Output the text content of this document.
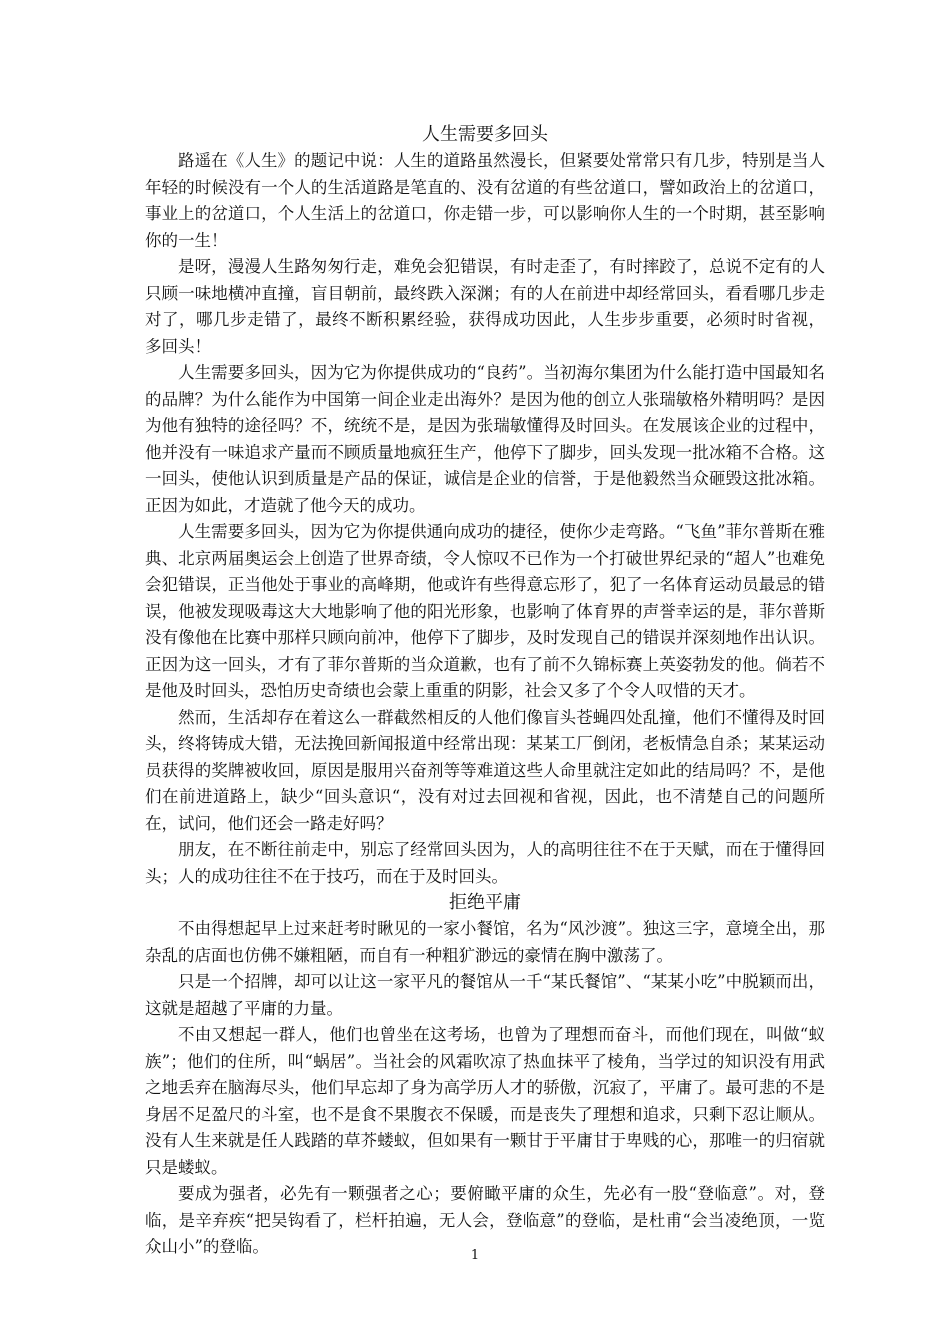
人生需要多回头

路遥在《人生》的题记中说：人生的道路虽然漫长，但紧要处常常只有几步，特别是当人年轻的时候没有一个人的生活道路是笔直的、没有岔道的有些岔道口，譬如政治上的岔道口，事业上的岔道口，个人生活上的岔道口，你走错一步，可以影响你人生的一个时期，甚至影响你的一生！

是呀，漫漫人生路匆匆行走，难免会犯错误，有时走歪了，有时摔跤了，总说不定有的人只顾一味地横冲直撞，盲目朝前，最终跌入深渊；有的人在前进中却经常回头，看看哪几步走对了，哪几步走错了，最终不断积累经验，获得成功因此，人生步步重要，必须时时省视， 多回头！

人生需要多回头，因为它为你提供成功的“良药”。当初海尔集团为什么能打造中国最知名的品牌？为什么能作为中国第一间企业走出海外？是因为他的创立人张瑞敏格外精明吗？是因为他有独特的途径吗？不，统统不是，是因为张瑞敏懂得及时回头。在发展该企业的过程中，他并没有一味追求产量而不顾质量地疯狂生产，他停下了脚步，回头发现一批冰箱不合格。这一回头，使他认识到质量是产品的保证，诚信是企业的信誉，于是他毅然当众砸毁这批冰箱。正因为如此，才造就了他今天的成功。

人生需要多回头，因为它为你提供通向成功的捷径，使你少走弯路。“飞鱼”菲尔普斯在雅典、北京两届奥运会上创造了世界奇绩，令人惊叹不已作为一个打破世界纪录的“超人”也难免会犯错误，正当他处于事业的高峰期，他或许有些得意忘形了，犯了一名体育运动员最忌的错误，他被发现吸毒这大大地影响了他的阳光形象，也影响了体育界的声誉幸运的是，菲尔普斯没有像他在比赛中那样只顾向前冲，他停下了脚步，及时发现自己的错误并深刻地作出认识。正因为这一回头，才有了菲尔普斯的当众道歉，也有了前不久锦标赛上英姿勃发的他。倘若不是他及时回头，恐怕历史奇绩也会蒙上重重的阴影，社会又多了个令人叹惜的天才。

然而，生活却存在着这么一群截然相反的人他们像盲头苍蝇四处乱撞，他们不懂得及时回头，终将铸成大错，无法挽回新闻报道中经常出现：某某工厂倒闭，老板情急自杀；某某运动员获得的奖牌被收回，原因是服用兴奋剂等等难道这些人命里就注定如此的结局吗？不，是他们在前进道路上，缺少“回头意识“，没有对过去回视和省视，因此，也不清楚自己的问题所在，试问，他们还会一路走好吗？

朋友，在不断往前走中，别忘了经常回头因为，人的高明往往不在于天赋，而在于懂得回头；人的成功往往不在于技巧，而在于及时回头。

拒绝平庸

不由得想起早上过来赶考时瞅见的一家小餐馆，名为“风沙渡”。独这三字，意境全出，那杂乱的店面也仿佛不嫌粗陋，而自有一种粗犷渺远的豪情在胸中激荡了。

只是一个招牌，却可以让这一家平凡的餐馆从一千“某氏餐馆”、“某某小吃”中脱颖而出，这就是超越了平庸的力量。

不由又想起一群人，他们也曾坐在这考场，也曾为了理想而奋斗，而他们现在，叫做“蚁族”；他们的住所，叫“蜗居”。当社会的风霜吹凉了热血抹平了棱角，当学过的知识没有用武之地丢弃在脑海尽头，他们早忘却了身为高学历人才的骄傲，沉寂了，平庸了。最可悲的不是身居不足盈尺的斗室，也不是食不果腹衣不保暖，而是丧失了理想和追求，只剩下忍让顺从。没有人生来就是任人践踏的草芥蝼蚁，但如果有一颗甘于平庸甘于卑贱的心，那唯一的归宿就只是蝼蚁。

要成为强者，必先有一颗强者之心；要俯瞰平庸的众生，先必有一股“登临意”。对，登临，是辛弃疾“把吴钩看了，栏杆拍遍，无人会，登临意”的登临，是杜甫“会当凌绝顶，一览众山小”的登临。	1
